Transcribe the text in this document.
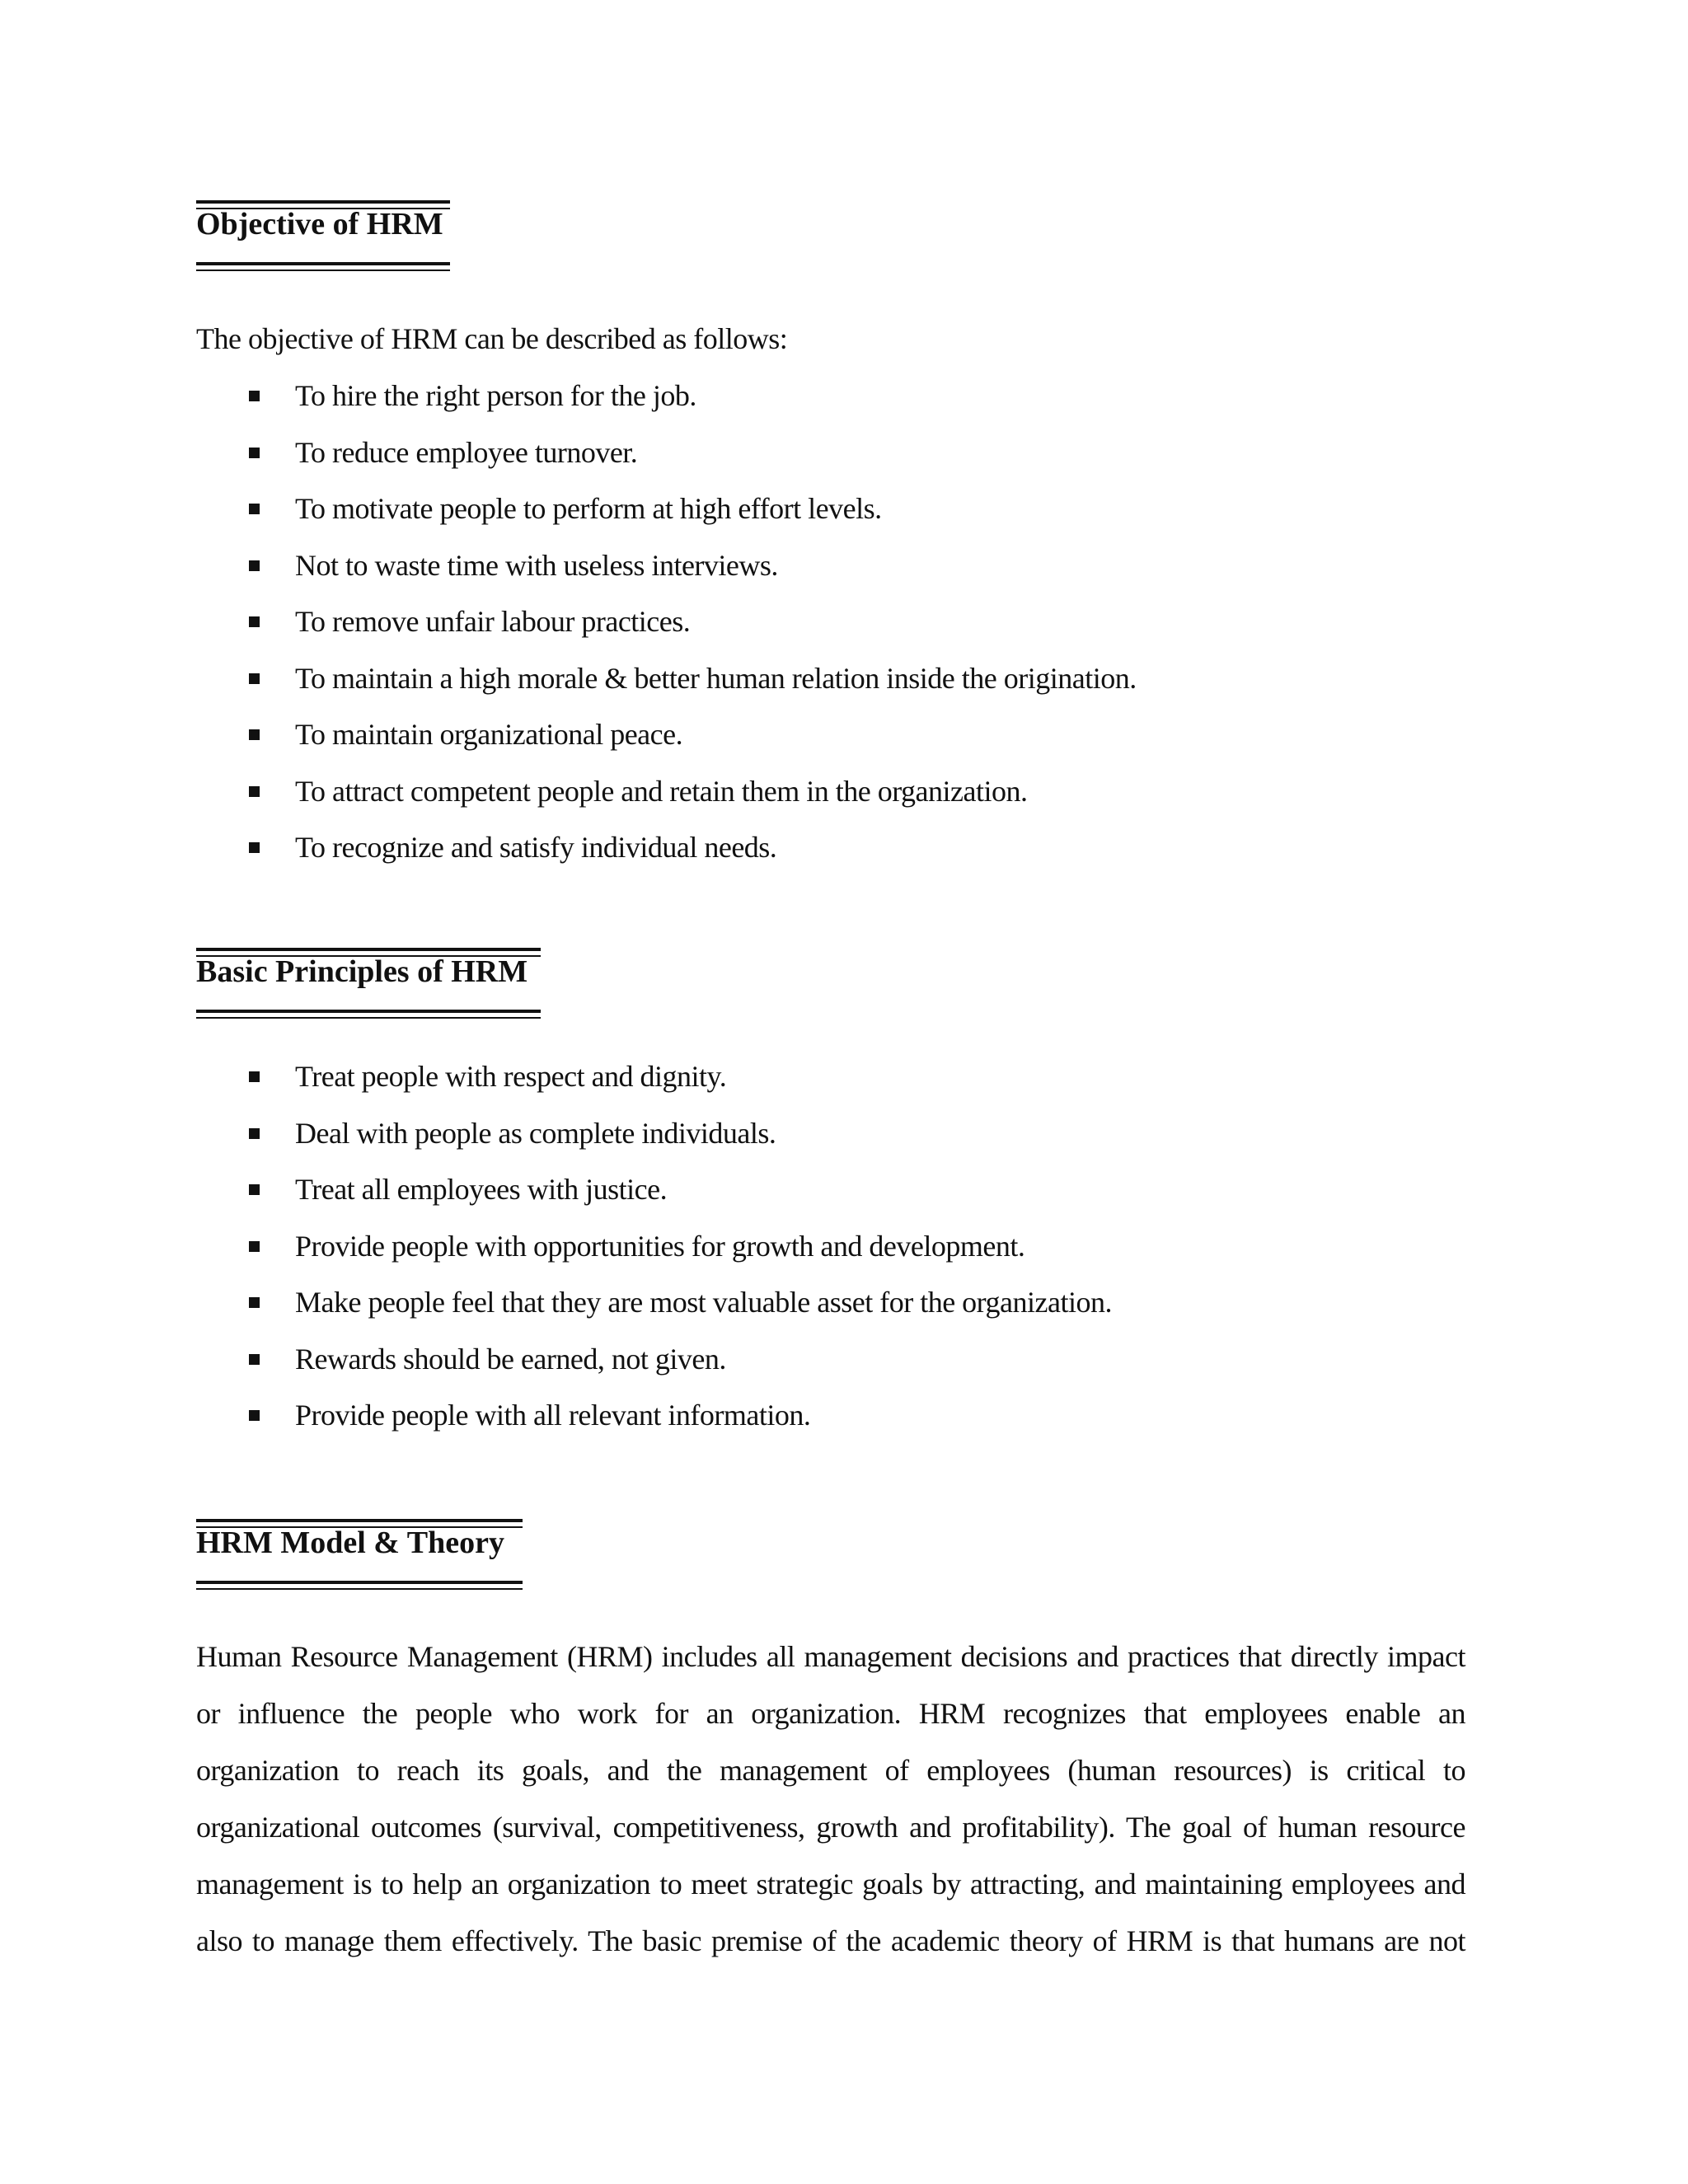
Objective of HRM

The objective of HRM can be described as follows:

To hire the right person for the job.
To reduce employee turnover.
To motivate people to perform at high effort levels.
Not to waste time with useless interviews.
To remove unfair labour practices.
To maintain a high morale & better human relation inside the origination.
To maintain organizational peace.
To attract competent people and retain them in the organization.
To recognize and satisfy individual needs.
Basic Principles of HRM
Treat people with respect and dignity.
Deal with people as complete individuals.
Treat all employees with justice.
Provide people with opportunities for growth and development.
Make people feel that they are most valuable asset for the organization.
Rewards should be earned, not given.
Provide people with all relevant information.
HRM Model & Theory
Human Resource Management (HRM) includes all management decisions and practices that directly impact
or influence the people who work for an organization. HRM recognizes that employees enable an
organization to reach its goals, and the management of employees (human resources) is critical to
organizational outcomes (survival, competitiveness, growth and profitability). The goal of human resource
management is to help an organization to meet strategic goals by attracting, and maintaining employees and
also to manage them effectively. The basic premise of the academic theory of HRM is that humans are not
